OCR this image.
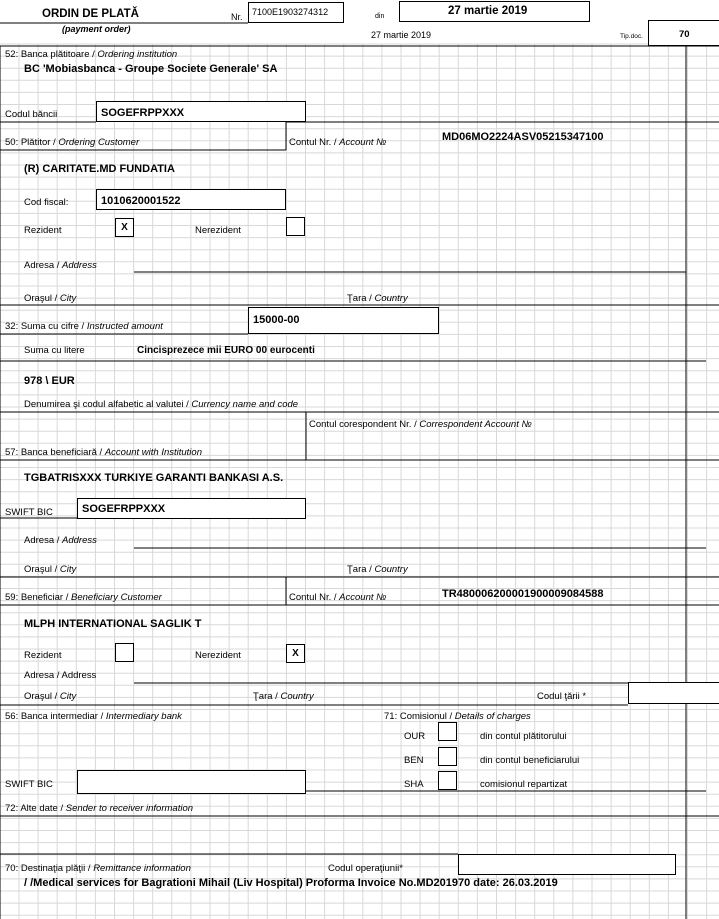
ORDIN DE PLATĂ
(payment order)
Nr. 7100E1903274312	din	27 martie 2019
27 martie 2019	Tip.doc.	70
52: Banca plătitoare / Ordering institution
BC 'Mobiasbanca - Groupe Societe Generale' SA
Codul băncii	SOGEFRPPXXX
50: Plătitor / Ordering Customer	Contul Nr. / Account №	MD06MO2224ASV05215347100
(R) CARITATE.MD FUNDATIA
Cod fiscal:	1010620001522
Rezident	X	Nerezident
Adresa / Address
Oraşul / City	Ţara / Country
32: Suma cu cifre / Instructed amount
15000-00
Suma cu litere	Cincisprezece mii EURO 00 eurocenti
978 \ EUR
Denumirea şi codul alfabetic al valutei / Currency name and code
Contul corespondent Nr. / Correspondent Account №
57: Banca beneficiară / Account with Institution
TGBATRISXXX TURKIYE GARANTI BANKASI A.S.
SWIFT BIC	SOGEFRPPXXX
Adresa / Address
Oraşul / City	Ţara / Country
59: Beneficiar / Beneficiary Customer	Contul Nr. / Account №	TR480006200001900009084588
MLPH INTERNATIONAL SAGLIK T
Rezident	Nerezident	X
Adresa / Address
Oraşul / City	Ţara / Country	Codul ţării *
56: Banca intermediar / Intermediary bank	71: Comisionul / Details of charges
OUR	din contul plătitorului
BEN	din contul beneficiarului
SHA	comisionul repartizat
SWIFT BIC
72: Alte date / Sender to receiver information
70: Destinaţia plăţii / Remittance information	Codul operaţiunii*
/ /Medical services for Bagrationi Mihail (Liv Hospital) Proforma Invoice No.MD201970 date: 26.03.2019
